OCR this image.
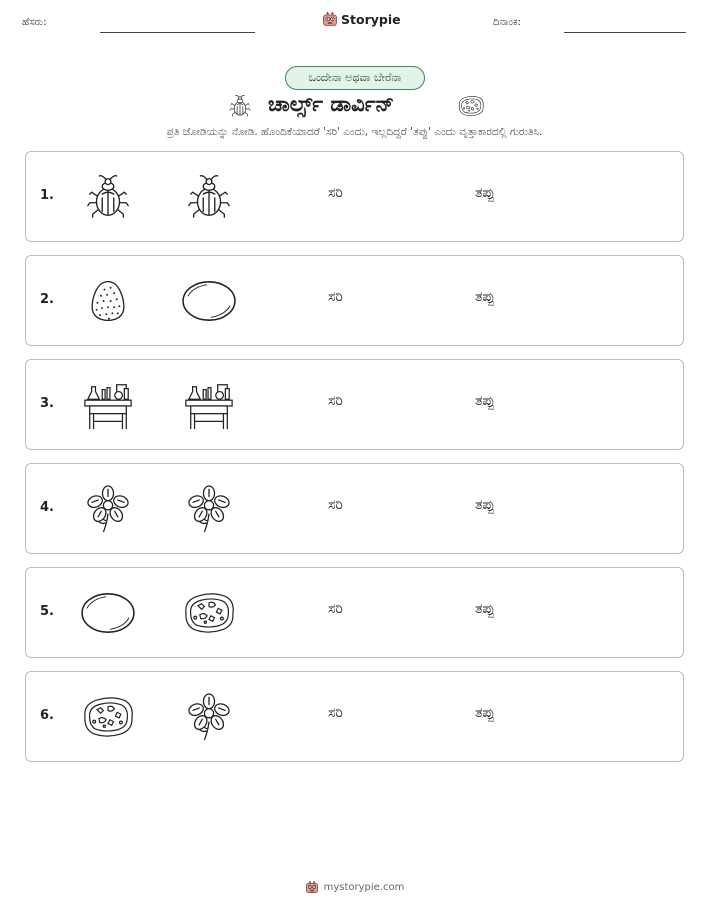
ಹೆಸರು:	Storypie	ದಿನಾಂಕ:
ಒಂದೇನಾ ಅಥವಾ ಬೇರೆನಾ
ಚಾರ್ಲ್ಸ್ ಡಾರ್ವಿನ್
ಪ್ರತಿ ಜೋಡಿಯನ್ನು ನೋಡಿ. ಹೊಂದಿಕೆಯಾದರೆ 'ಸರಿ' ಎಂದು, ಇಲ್ಲದಿದ್ದರೆ 'ತಪ್ಪು' ಎಂದು ವೃತ್ತಾಕಾರದಲ್ಲಿ ಗುರುತಿಸಿ.
1.	ಸರಿ	ತಪ್ಪು
2.	ಸರಿ	ತಪ್ಪು
3.	ಸರಿ	ತಪ್ಪು
4.	ಸರಿ	ತಪ್ಪು
5.	ಸರಿ	ತಪ್ಪು
6.	ಸರಿ	ತಪ್ಪು
mystorypie.com
